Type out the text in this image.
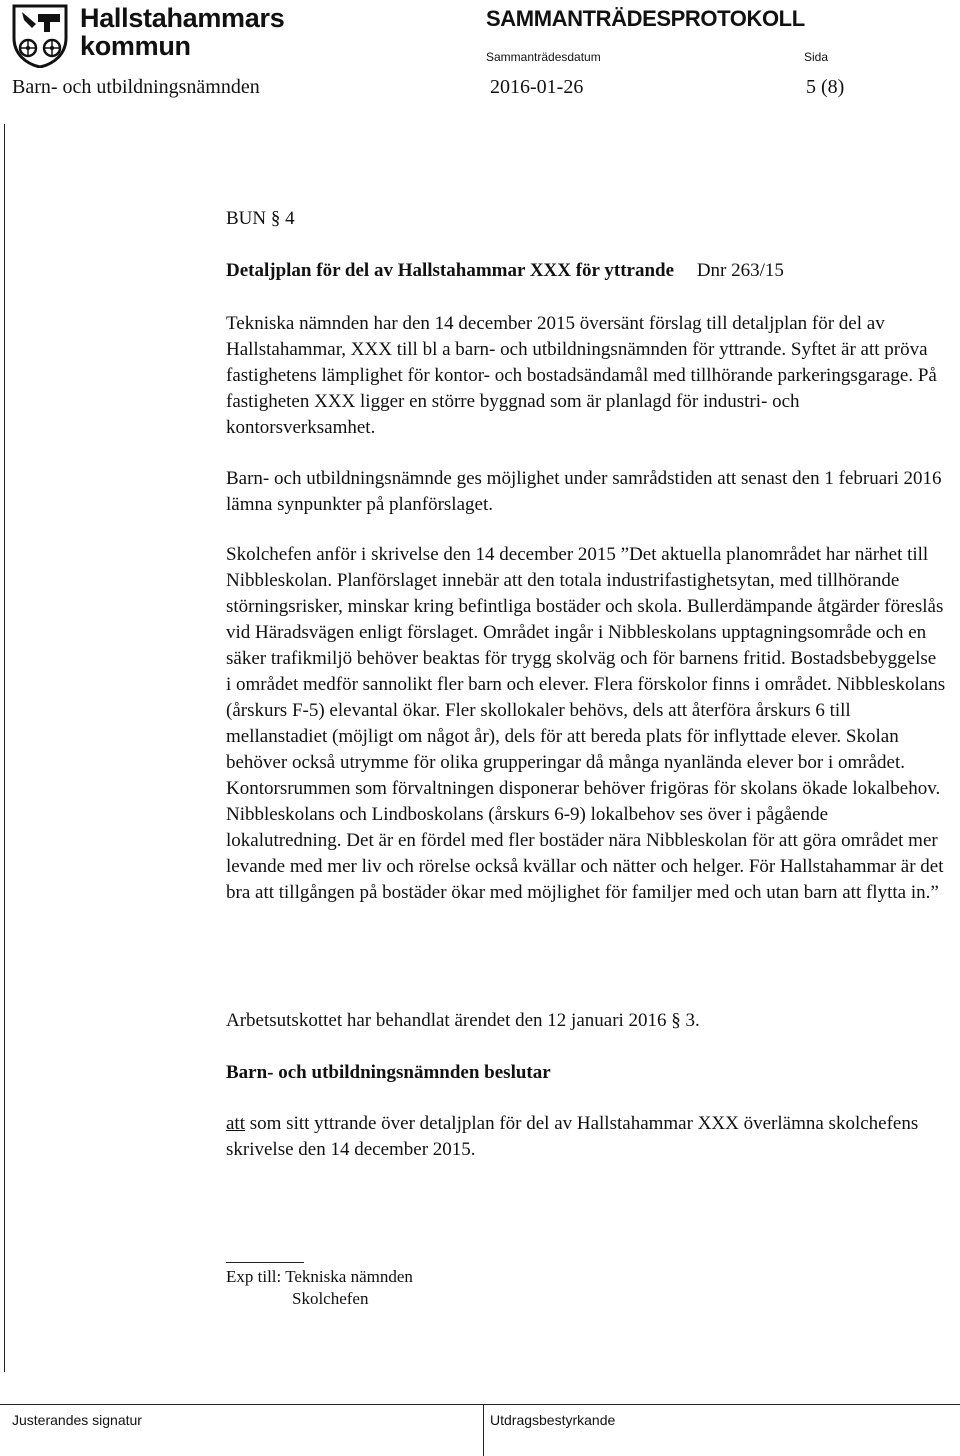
Hallstahammars
kommun
SAMMANTRÄDESPROTOKOLL
Sammanträdesdatum	Sida
Barn- och utbildningsnämnden	2016-01-26	5 (8)
BUN § 4
Detaljplan för del av Hallstahammar XXX för yttrande Dnr 263/15

Tekniska nämnden har den 14 december 2015 översänt förslag till detaljplan för del av Hallstahammar, XXX till bl a barn- och utbildningsnämnden för yttrande. Syftet är att pröva fastighetens lämplighet för kontor- och bostadsändamål med tillhörande parkeringsgarage. På fastigheten XXX ligger en större byggnad som är planlagd för industri- och kontorsverksamhet.

Barn- och utbildningsnämnde ges möjlighet under samrådstiden att senast den 1 februari 2016 lämna synpunkter på planförslaget.

Skolchefen anför i skrivelse den 14 december 2015 ”Det aktuella planområdet har närhet till Nibbleskolan. Planförslaget innebär att den totala industrifastighetsytan, med tillhörande störningsrisker, minskar kring befintliga bostäder och skola. Bullerdämpande åtgärder föreslås vid Häradsvägen enligt förslaget. Området ingår i Nibbleskolans upptagningsområde och en säker trafikmiljö behöver beaktas för trygg skolväg och för barnens fritid. Bostadsbebyggelse i området medför sannolikt fler barn och elever. Flera förskolor finns i området. Nibbleskolans (årskurs F-5) elevantal ökar. Fler skollokaler behövs, dels att återföra årskurs 6 till mellanstadiet (möjligt om något år), dels för att bereda plats för inflyttade elever. Skolan behöver också utrymme för olika grupperingar då många nyanlända elever bor i området. Kontorsrummen som förvaltningen disponerar behöver frigöras för skolans ökade lokalbehov. Nibbleskolans och Lindboskolans (årskurs 6-9) lokalbehov ses över i pågående lokalutredning. Det är en fördel med fler bostäder nära Nibbleskolan för att göra området mer levande med mer liv och rörelse också kvällar och nätter och helger. För Hallstahammar är det bra att tillgången på bostäder ökar med möjlighet för familjer med och utan barn att flytta in.”

Arbetsutskottet har behandlat ärendet den 12 januari 2016 § 3.

Barn- och utbildningsnämnden beslutar

att som sitt yttrande över detaljplan för del av Hallstahammar XXX överlämna skolchefens skrivelse den 14 december 2015.

Exp till: Tekniska nämnden
Skolchefen
Justerandes signatur	Utdragsbestyrkande
